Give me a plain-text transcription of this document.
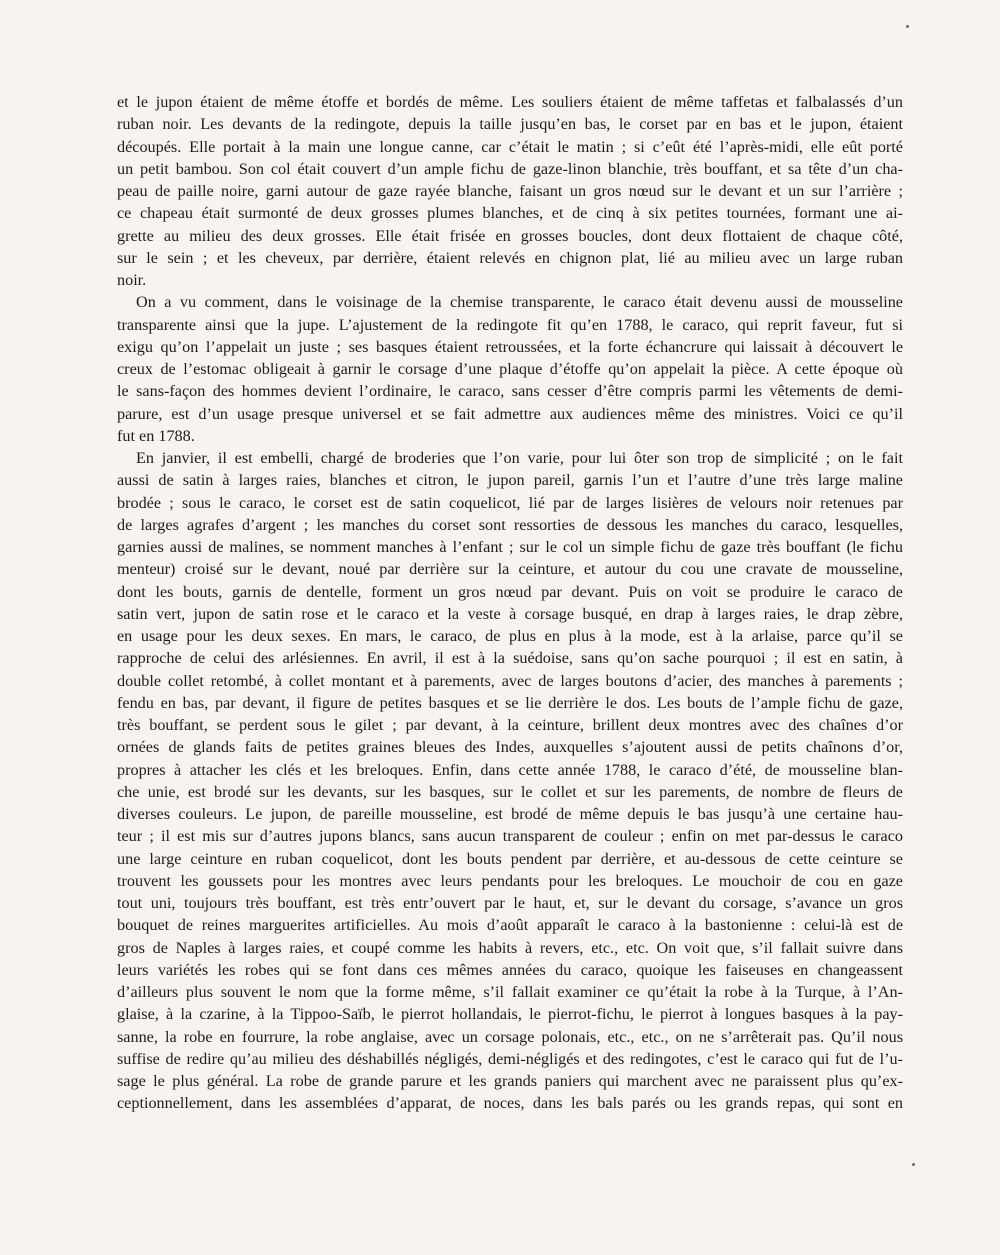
et le jupon étaient de même étoffe et bordés de même. Les souliers étaient de même taffetas et falbalassés d’un
ruban noir. Les devants de la redingote, depuis la taille jusqu’en bas, le corset par en bas et le jupon, étaient
découpés. Elle portait à la main une longue canne, car c’était le matin ; si c’eût été l’après-midi, elle eût porté
un petit bambou. Son col était couvert d’un ample fichu de gaze-linon blanchie, très bouffant, et sa tête d’un cha-
peau de paille noire, garni autour de gaze rayée blanche, faisant un gros nœud sur le devant et un sur l’arrière ;
ce chapeau était surmonté de deux grosses plumes blanches, et de cinq à six petites tournées, formant une ai-
grette au milieu des deux grosses. Elle était frisée en grosses boucles, dont deux flottaient de chaque côté,
sur le sein ; et les cheveux, par derrière, étaient relevés en chignon plat, lié au milieu avec un large ruban
noir.
On a vu comment, dans le voisinage de la chemise transparente, le caraco était devenu aussi de mousseline
transparente ainsi que la jupe. L’ajustement de la redingote fit qu’en 1788, le caraco, qui reprit faveur, fut si
exigu qu’on l’appelait un juste ; ses basques étaient retroussées, et la forte échancrure qui laissait à découvert le
creux de l’estomac obligeait à garnir le corsage d’une plaque d’étoffe qu’on appelait la pièce. A cette époque où
le sans-façon des hommes devient l’ordinaire, le caraco, sans cesser d’être compris parmi les vêtements de demi-
parure, est d’un usage presque universel et se fait admettre aux audiences même des ministres. Voici ce qu’il
fut en 1788.
En janvier, il est embelli, chargé de broderies que l’on varie, pour lui ôter son trop de simplicité ; on le fait
aussi de satin à larges raies, blanches et citron, le jupon pareil, garnis l’un et l’autre d’une très large maline
brodée ; sous le caraco, le corset est de satin coquelicot, lié par de larges lisières de velours noir retenues par
de larges agrafes d’argent ; les manches du corset sont ressorties de dessous les manches du caraco, lesquelles,
garnies aussi de malines, se nomment manches à l’enfant ; sur le col un simple fichu de gaze très bouffant (le fichu
menteur) croisé sur le devant, noué par derrière sur la ceinture, et autour du cou une cravate de mousseline,
dont les bouts, garnis de dentelle, forment un gros nœud par devant. Puis on voit se produire le caraco de
satin vert, jupon de satin rose et le caraco et la veste à corsage busqué, en drap à larges raies, le drap zèbre,
en usage pour les deux sexes. En mars, le caraco, de plus en plus à la mode, est à la arlaise, parce qu’il se
rapproche de celui des arlésiennes. En avril, il est à la suédoise, sans qu’on sache pourquoi ; il est en satin, à
double collet retombé, à collet montant et à parements, avec de larges boutons d’acier, des manches à parements ;
fendu en bas, par devant, il figure de petites basques et se lie derrière le dos. Les bouts de l’ample fichu de gaze,
très bouffant, se perdent sous le gilet ; par devant, à la ceinture, brillent deux montres avec des chaînes d’or
ornées de glands faits de petites graines bleues des Indes, auxquelles s’ajoutent aussi de petits chaînons d’or,
propres à attacher les clés et les breloques. Enfin, dans cette année 1788, le caraco d’été, de mousseline blan-
che unie, est brodé sur les devants, sur les basques, sur le collet et sur les parements, de nombre de fleurs de
diverses couleurs. Le jupon, de pareille mousseline, est brodé de même depuis le bas jusqu’à une certaine hau-
teur ; il est mis sur d’autres jupons blancs, sans aucun transparent de couleur ; enfin on met par-dessus le caraco
une large ceinture en ruban coquelicot, dont les bouts pendent par derrière, et au-dessous de cette ceinture se
trouvent les goussets pour les montres avec leurs pendants pour les breloques. Le mouchoir de cou en gaze
tout uni, toujours très bouffant, est très entr’ouvert par le haut, et, sur le devant du corsage, s’avance un gros
bouquet de reines marguerites artificielles. Au mois d’août apparaît le caraco à la bastonienne : celui-là est de
gros de Naples à larges raies, et coupé comme les habits à revers, etc., etc. On voit que, s’il fallait suivre dans
leurs variétés les robes qui se font dans ces mêmes années du caraco, quoique les faiseuses en changeassent
d’ailleurs plus souvent le nom que la forme même, s’il fallait examiner ce qu’était la robe à la Turque, à l’An-
glaise, à la czarine, à la Tippoo-Saïb, le pierrot hollandais, le pierrot-fichu, le pierrot à longues basques à la pay-
sanne, la robe en fourrure, la robe anglaise, avec un corsage polonais, etc., etc., on ne s’arrêterait pas. Qu’il nous
suffise de redire qu’au milieu des déshabillés négligés, demi-négligés et des redingotes, c’est le caraco qui fut de l’u-
sage le plus général. La robe de grande parure et les grands paniers qui marchent avec ne paraissent plus qu’ex-
ceptionnellement, dans les assemblées d’apparat, de noces, dans les bals parés ou les grands repas, qui sont en
